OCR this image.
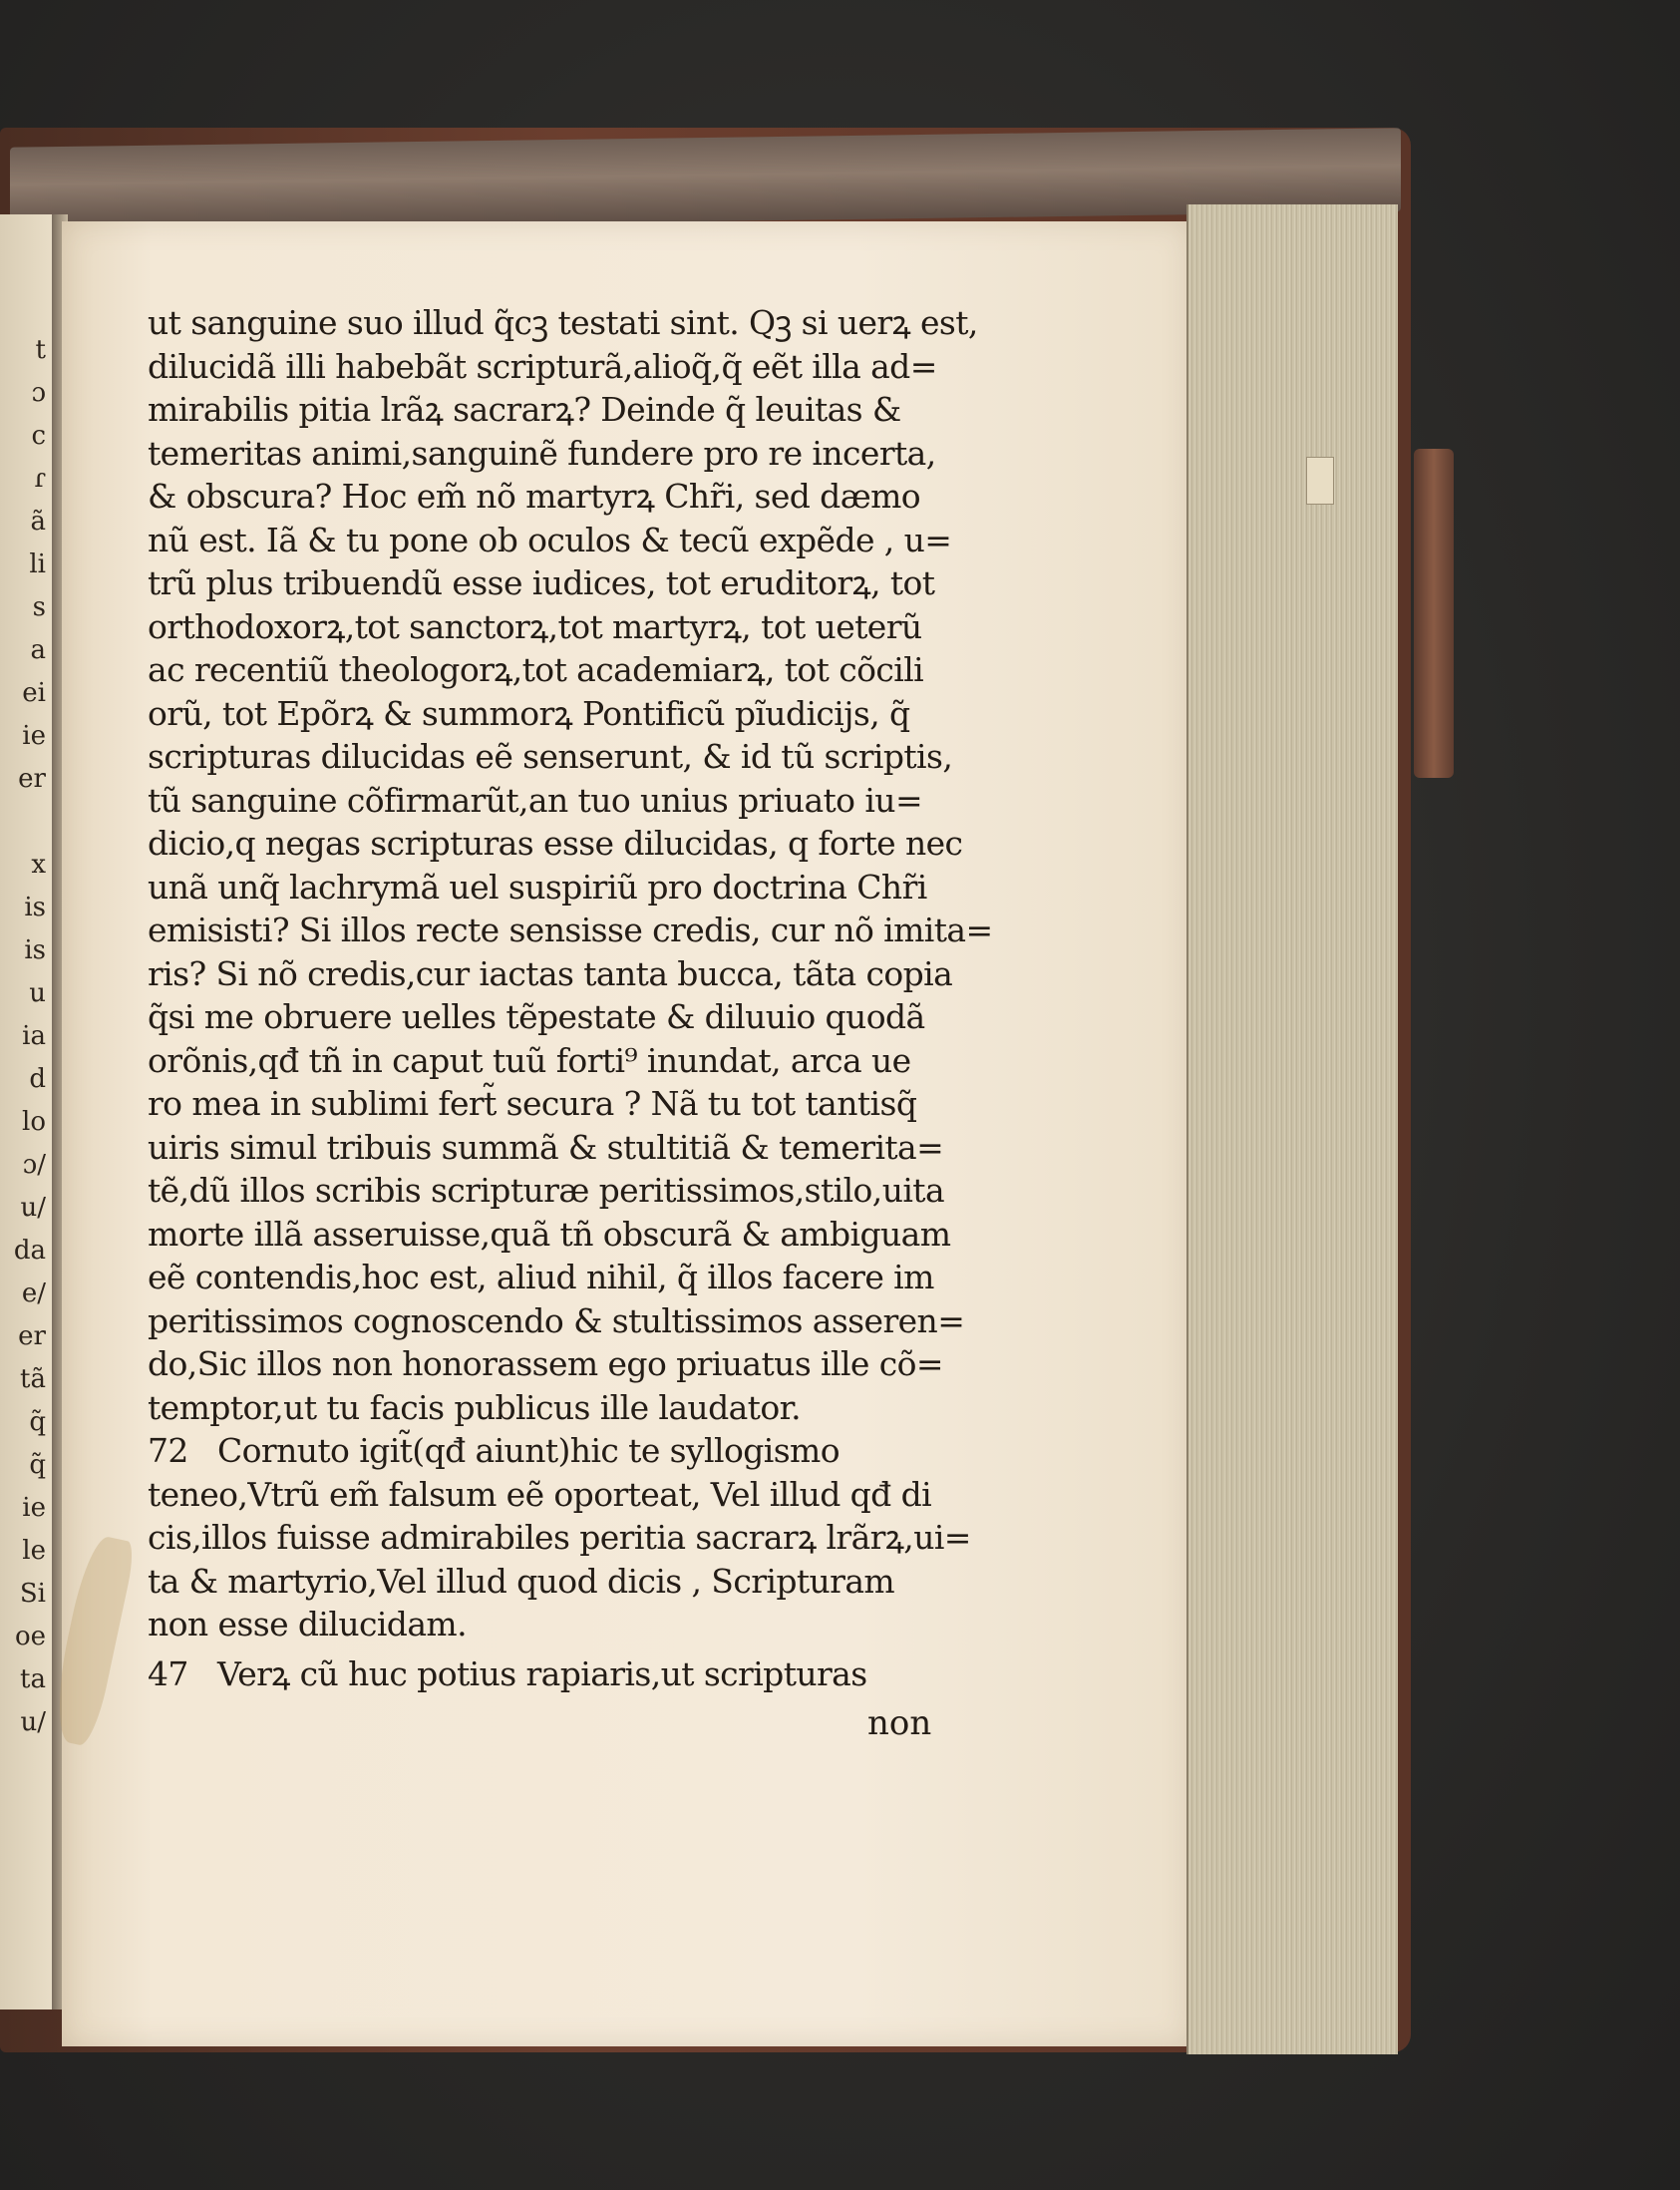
t
ɔ
c
ɾ
ã
li
s
a
ei
ie
er
x
is
is
u
ia
d
lo
ɔ/
u/
da
e/
er
tã
q̃
q̃
ie
le
Si
oe
ta
u/
ut sanguine suo illud q̃cꝫ testati sint. Qꝫ si uerꝝ est,
dilucidã illi habebãt scripturã,alioq̃,q̃ eẽt illa ad=
mirabilis pitia lrãꝝ sacrarꝝ? Deinde q̃ leuitas &
temeritas animi,sanguinẽ fundere pro re incerta,
& obscura? Hoc em̃ nõ martyrꝝ Chr̃i, sed dæmo
nũ est. Iã & tu pone ob oculos & tecũ expẽde , u=
trũ plus tribuendũ esse iudices, tot eruditorꝝ, tot
orthodoxorꝝ,tot sanctorꝝ,tot martyrꝝ, tot ueterũ
ac recentiũ theologorꝝ,tot academiarꝝ, tot cõcili
orũ, tot Epõrꝝ & summorꝝ Pontificũ pĩudicijs, q̃
scripturas dilucidas eẽ senserunt, & id tũ scriptis,
tũ sanguine cõfirmarũt,an tuo unius priuato iu=
dicio,q negas scripturas esse dilucidas, q forte nec
unã unq̃ lachrymã uel suspiriũ pro doctrina Chr̃i
emisisti? Si illos recte sensisse credis, cur nõ imita=
ris? Si nõ credis,cur iactas tanta bucca, tãta copia
q̃si me obruere uelles tẽpestate & diluuio quodã
orõnis,qđ tñ in caput tuũ forti⁹ inundat, arca ue
ro mea in sublimi fert̃ secura ? Nã tu tot tantisq̃
uiris simul tribuis summã & stultitiã & temerita=
tẽ,dũ illos scribis scripturæ peritissimos,stilo,uita
morte illã asseruisse,quã tñ obscurã & ambiguam
eẽ contendis,hoc est, aliud nihil, q̃ illos facere im
peritissimos cognoscendo & stultissimos asseren=
do,Sic illos non honorassem ego priuatus ille cõ=
temptor,ut tu facis publicus ille laudator.
72 Cornuto igit̃(qđ aiunt)hic te syllogismo
teneo,Vtrũ em̃ falsum eẽ oporteat, Vel illud qđ di
cis,illos fuisse admirabiles peritia sacrarꝝ lrãrꝝ,ui=
ta & martyrio,Vel illud quod dicis , Scripturam
non esse dilucidam.
47 Verꝝ cũ huc potius rapiaris,ut scripturas
non
